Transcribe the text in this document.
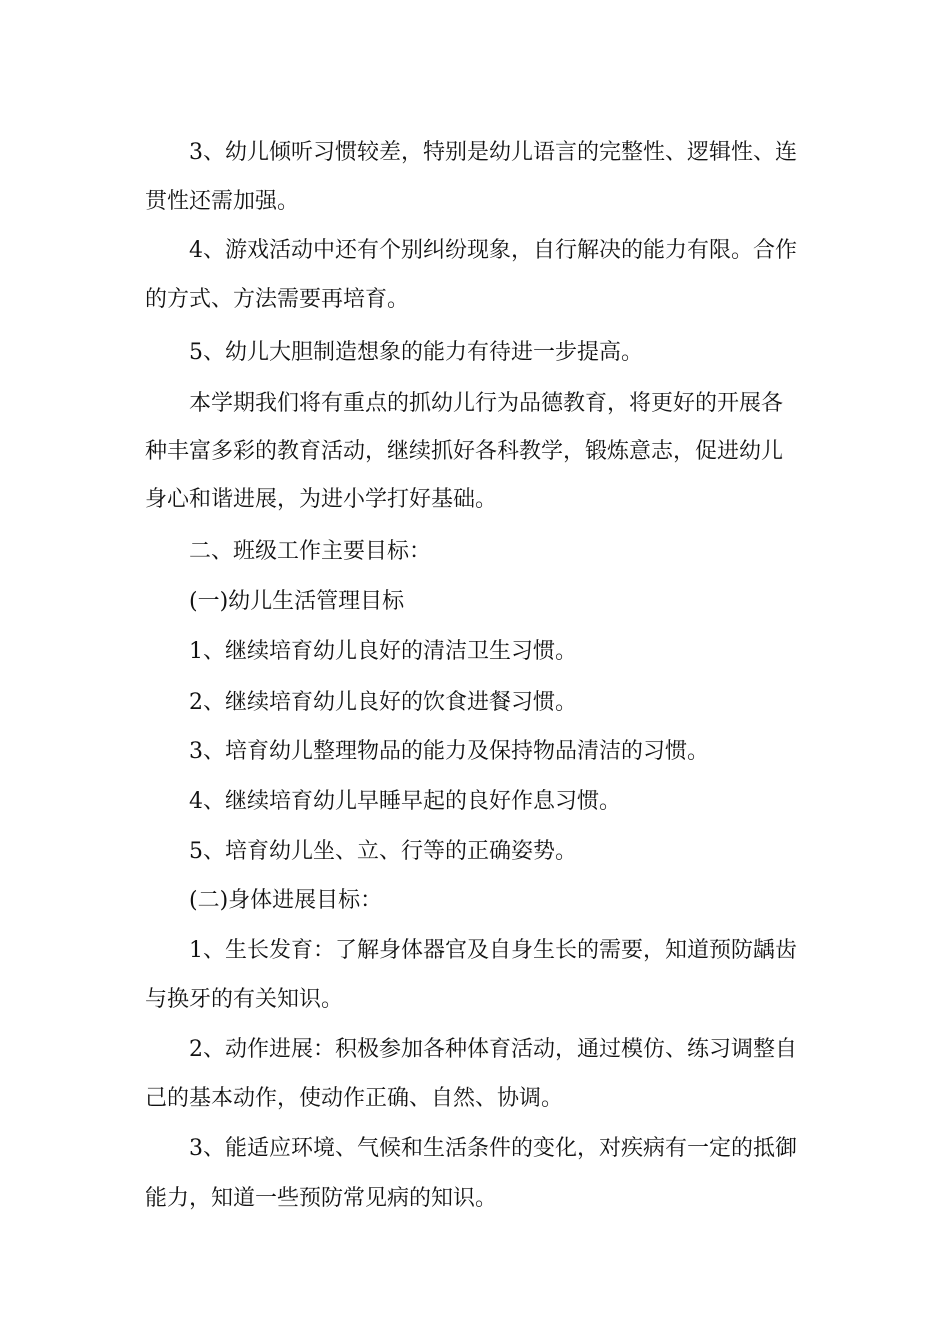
3、幼儿倾听习惯较差，特别是幼儿语言的完整性、逻辑性、连
贯性还需加强。
4、游戏活动中还有个别纠纷现象，自行解决的能力有限。合作
的方式、方法需要再培育。
5、幼儿大胆制造想象的能力有待进一步提高。
本学期我们将有重点的抓幼儿行为品德教育，将更好的开展各
种丰富多彩的教育活动，继续抓好各科教学，锻炼意志，促进幼儿
身心和谐进展，为进小学打好基础。
二、班级工作主要目标：
(一)幼儿生活管理目标
1、继续培育幼儿良好的清洁卫生习惯。
2、继续培育幼儿良好的饮食进餐习惯。
3、培育幼儿整理物品的能力及保持物品清洁的习惯。
4、继续培育幼儿早睡早起的良好作息习惯。
5、培育幼儿坐、立、行等的正确姿势。
(二)身体进展目标：
1、生长发育：了解身体器官及自身生长的需要，知道预防龋齿
与换牙的有关知识。
2、动作进展：积极参加各种体育活动，通过模仿、练习调整自
己的基本动作，使动作正确、自然、协调。
3、能适应环境、气候和生活条件的变化，对疾病有一定的抵御
能力，知道一些预防常见病的知识。
